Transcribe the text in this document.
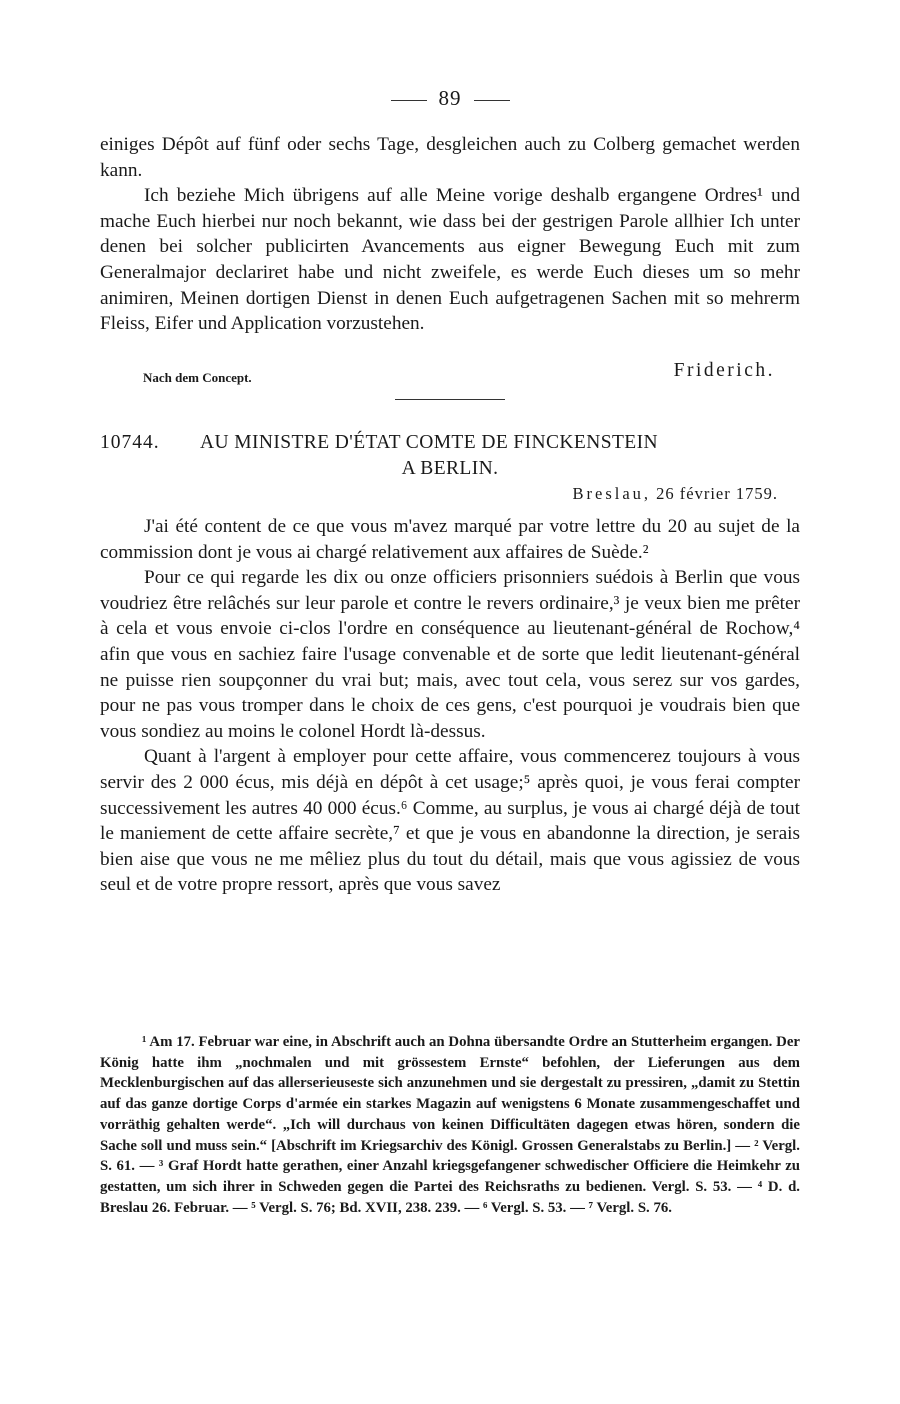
89

einiges Dépôt auf fünf oder sechs Tage, desgleichen auch zu Colberg gemachet werden kann.

Ich beziehe Mich übrigens auf alle Meine vorige deshalb ergangene Ordres¹ und mache Euch hierbei nur noch bekannt, wie dass bei der gestrigen Parole allhier Ich unter denen bei solcher publicirten Avancements aus eigner Bewegung Euch mit zum Generalmajor declariret habe und nicht zweifele, es werde Euch dieses um so mehr animiren, Meinen dortigen Dienst in denen Euch aufgetragenen Sachen mit so mehrerm Fleiss, Eifer und Application vorzustehen.

Nach dem Concept.	Friderich.
10744.	AU MINISTRE D'ÉTAT COMTE DE FINCKENSTEIN
A BERLIN.
Breslau, 26 février 1759.

J'ai été content de ce que vous m'avez marqué par votre lettre du 20 au sujet de la commission dont je vous ai chargé relativement aux affaires de Suède.²

Pour ce qui regarde les dix ou onze officiers prisonniers suédois à Berlin que vous voudriez être relâchés sur leur parole et contre le revers ordinaire,³ je veux bien me prêter à cela et vous envoie ci-clos l'ordre en conséquence au lieutenant-général de Rochow,⁴ afin que vous en sachiez faire l'usage convenable et de sorte que ledit lieutenant-général ne puisse rien soupçonner du vrai but; mais, avec tout cela, vous serez sur vos gardes, pour ne pas vous tromper dans le choix de ces gens, c'est pourquoi je voudrais bien que vous sondiez au moins le colonel Hordt là-dessus.

Quant à l'argent à employer pour cette affaire, vous commencerez toujours à vous servir des 2 000 écus, mis déjà en dépôt à cet usage;⁵ après quoi, je vous ferai compter successivement les autres 40 000 écus.⁶ Comme, au surplus, je vous ai chargé déjà de tout le maniement de cette affaire secrète,⁷ et que je vous en abandonne la direction, je serais bien aise que vous ne me mêliez plus du tout du détail, mais que vous agissiez de vous seul et de votre propre ressort, après que vous savez

¹ Am 17. Februar war eine, in Abschrift auch an Dohna übersandte Ordre an Stutterheim ergangen. Der König hatte ihm „nochmalen und mit grössestem Ernste“ befohlen, der Lieferungen aus dem Mecklenburgischen auf das allerserieuseste sich anzunehmen und sie dergestalt zu pressiren, „damit zu Stettin auf das ganze dortige Corps d'armée ein starkes Magazin auf wenigstens 6 Monate zusammengeschaffet und vorräthig gehalten werde“. „Ich will durchaus von keinen Difficultäten dagegen etwas hören, sondern die Sache soll und muss sein.“ [Abschrift im Kriegsarchiv des Königl. Grossen Generalstabs zu Berlin.] — ² Vergl. S. 61. — ³ Graf Hordt hatte gerathen, einer Anzahl kriegsgefangener schwedischer Officiere die Heimkehr zu gestatten, um sich ihrer in Schweden gegen die Partei des Reichsraths zu bedienen. Vergl. S. 53. — ⁴ D. d. Breslau 26. Februar. — ⁵ Vergl. S. 76; Bd. XVII, 238. 239. — ⁶ Vergl. S. 53. — ⁷ Vergl. S. 76.
